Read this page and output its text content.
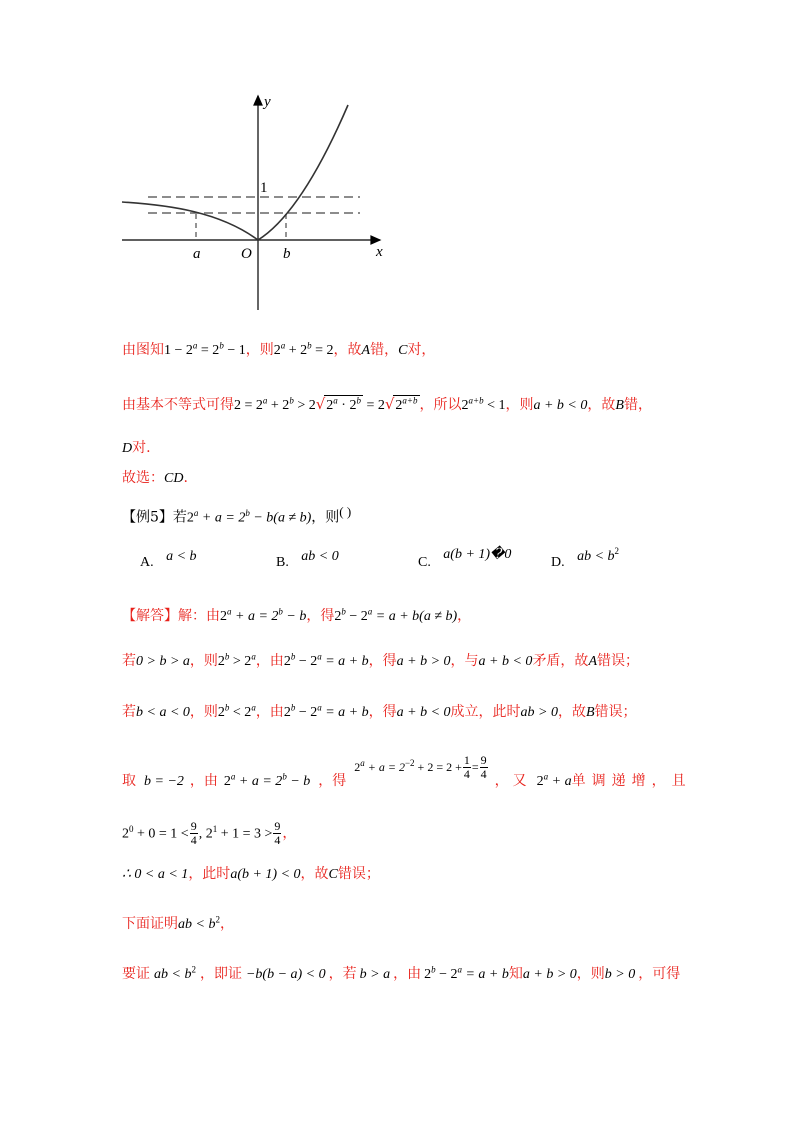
y
x
1
a	O b
由图知$1 - 2^a = 2^b - 1$，则$2^a + 2^b = 2$，故A错，C对，
由基本不等式可得$2 = 2^a + 2^b > 2√2^a \cdot 2^b = 2√2^{a+b}$ ，所以$2^{a+b} < 1$，则a + b < 0，故B错，
D对.
故选：CD.
【例5】若$2^a + a = 2^b - b(a \ne b)$，则( )
A. a < b	B. ab < 0	C. a(b + 1)�0
D. ab < $b^2$
【解答】解：由$2^a + a = 2^b - b$，得$2^b - 2^a = a + b(a \ne b)$，
若0 > b > a，则$2^b > 2^a$，由$2^b - 2^a = a + b$，得a + b > 0，与a + b < 0矛盾，故A错误；
若b < a < 0，则$2^b < 2^a$，由$2^b - 2^a = a + b$，得a + b < 0成立，此时ab > 0，故B错误；
取 b = −2 ，由 $2^a + a = 2^b - b$ ，得$2^a + a = 2^{-2} + 2 = 2 + \frac{1}{4} = \frac{9}{4}$ ，又 $2^a + a$单调递增，且
$2^0 + 0 = 1 < \frac{9}{4}$ , $2^1 + 1 = 3 > \frac{9}{4}$ ，
∴ 0 < a < 1，此时a(b + 1) < 0，故C错误；
下面证明ab < $b^2$，
要证 ab < $b^2$ ，即证 −b(b − a) < 0 ，若 b > a ，由 $2^b - 2^a = a + b$知a + b > 0，则b > 0 ，可得
